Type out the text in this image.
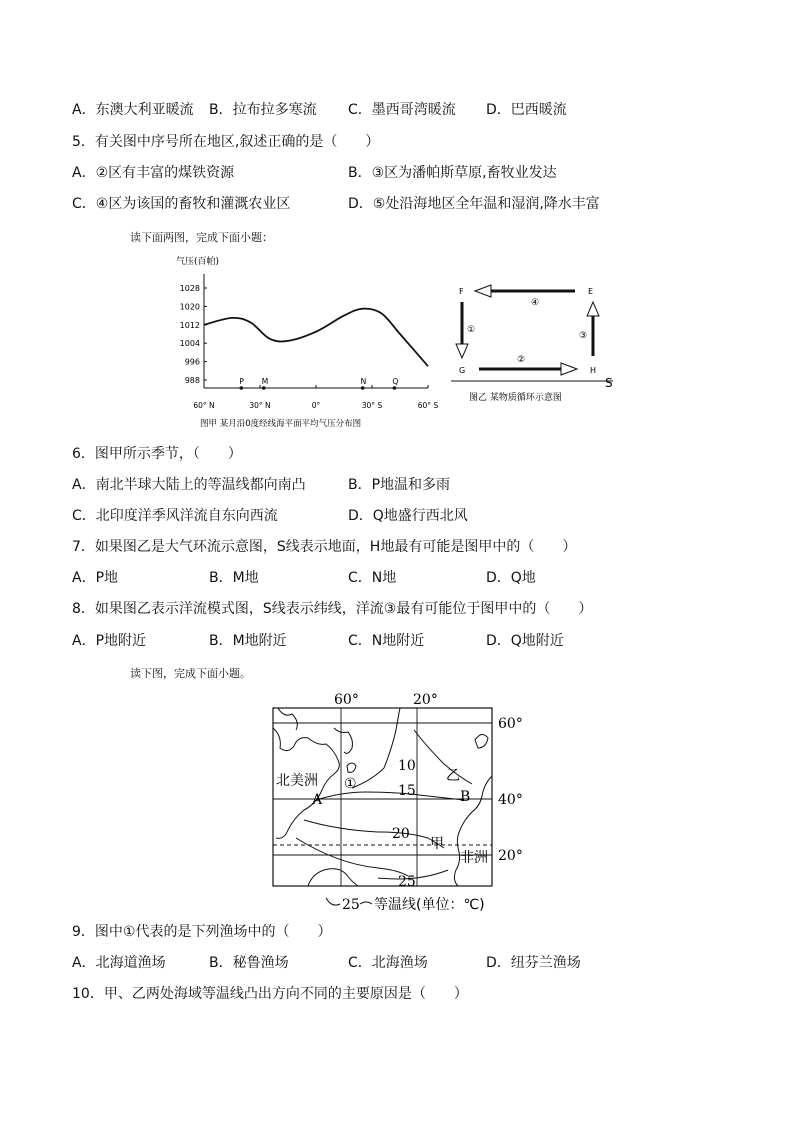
A．东澳大利亚暖流 B．拉布拉多寒流 C．墨西哥湾暖流 D．巴西暖流
5．有关图中序号所在地区,叙述正确的是（　　）
A．②区有丰富的煤铁资源	B．③区为潘帕斯草原,畜牧业发达
C．④区为该国的畜牧和灌溉农业区	D．⑤处沿海地区全年温和湿润,降水丰富
读下面两图，完成下面小题：
气压(百帕)
1028
1020
1012
1004
996
988
60° N	30° N	0°	30° S	60° S
P M	N	Q
图甲 某月沿0度经线海平面平均气压分布图
F	E
G	H
④
①
②
③
S
图乙 某物质循环示意图
6．图甲所示季节，（　　）
A．南北半球大陆上的等温线都向南凸	B．P地温和多雨
C．北印度洋季风洋流自东向西流	D．Q地盛行西北风
7．如果图乙是大气环流示意图，S线表示地面，H地最有可能是图甲中的（　　）
A．P地	B．M地	C．N地	D．Q地
8．如果图乙表示洋流模式图，S线表示纬线，洋流③最有可能位于图甲中的（　　）
A．P地附近	B．M地附近	C．N地附近	D．Q地附近
读下图，完成下面小题。
60°	20°
60°
40°
20°
北美洲
非洲
①
A	B
甲
乙
10
15
20
25
25 等温线(单位：℃)
9．图中①代表的是下列渔场中的（　　）
A．北海道渔场	B．秘鲁渔场	C．北海渔场	D．纽芬兰渔场
10．甲、乙两处海域等温线凸出方向不同的主要原因是（　　）
